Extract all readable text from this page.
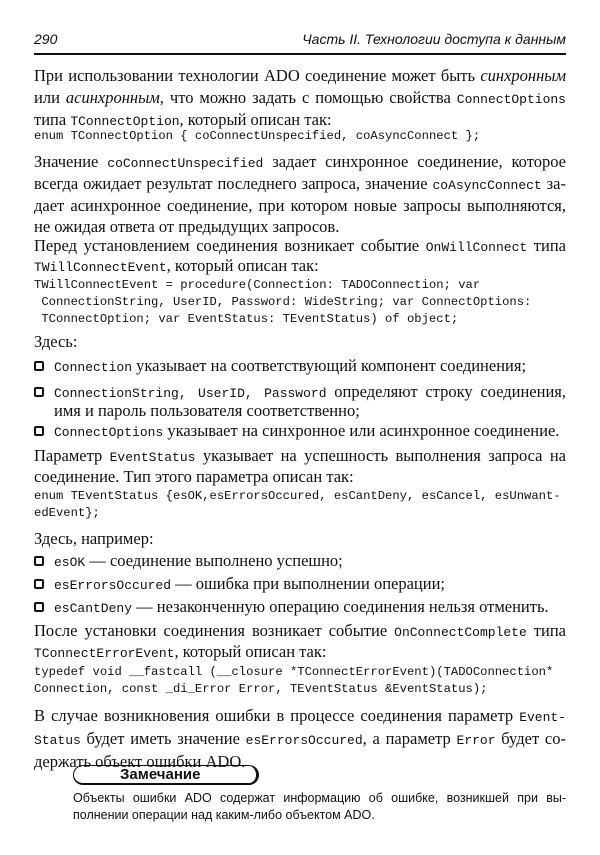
290	Часть II. Технологии доступа к данным
При использовании технологии ADO соединение может быть синхронным
или асинхронным, что можно задать с помощью свойства ConnectOptions
типа TConnectOption, который описан так:
enum TConnectOption { coConnectUnspecified, coAsyncConnect };
Значение coConnectUnspecified задает синхронное соединение, которое
всегда ожидает результат последнего запроса, значение coAsyncConnect за-
дает асинхронное соединение, при котором новые запросы выполняются,
не ожидая ответа от предыдущих запросов.
Перед установлением соединения возникает событие OnWillConnect типа
TWillConnectEvent, который описан так:
TWillConnectEvent = procedure(Connection: TADOConnection; var
ConnectionString, UserID, Password: WideString; var ConnectOptions:
TConnectOption; var EventStatus: TEventStatus) of object;
Здесь:
Connection указывает на соответствующий компонент соединения;
ConnectionString, UserID, Password определяют строку соединения,
имя и пароль пользователя соответственно;
ConnectOptions указывает на синхронное или асинхронное соединение.
Параметр EventStatus указывает на успешность выполнения запроса на
соединение. Тип этого параметра описан так:
enum TEventStatus {esOK,esErrorsOccured, esCantDeny, esCancel, esUnwant-
edEvent};
Здесь, например:
esOK — соединение выполнено успешно;
esErrorsOccured — ошибка при выполнении операции;
esCantDeny — незаконченную операцию соединения нельзя отменить.
После установки соединения возникает событие OnConnectComplete типа
TConnectErrorEvent, который описан так:
typedef void __fastcall (__closure *TConnectErrorEvent)(TADOConnection*
Connection, const _di_Error Error, TEventStatus &EventStatus);
В случае возникновения ошибки в процессе соединения параметр Event-
Status будет иметь значение esErrorsOccured, а параметр Error будет со-
держать объект ошибки ADO.
Замечание
Объекты ошибки ADO содержат информацию об ошибке, возникшей при вы-
полнении операции над каким-либо объектом ADO.
